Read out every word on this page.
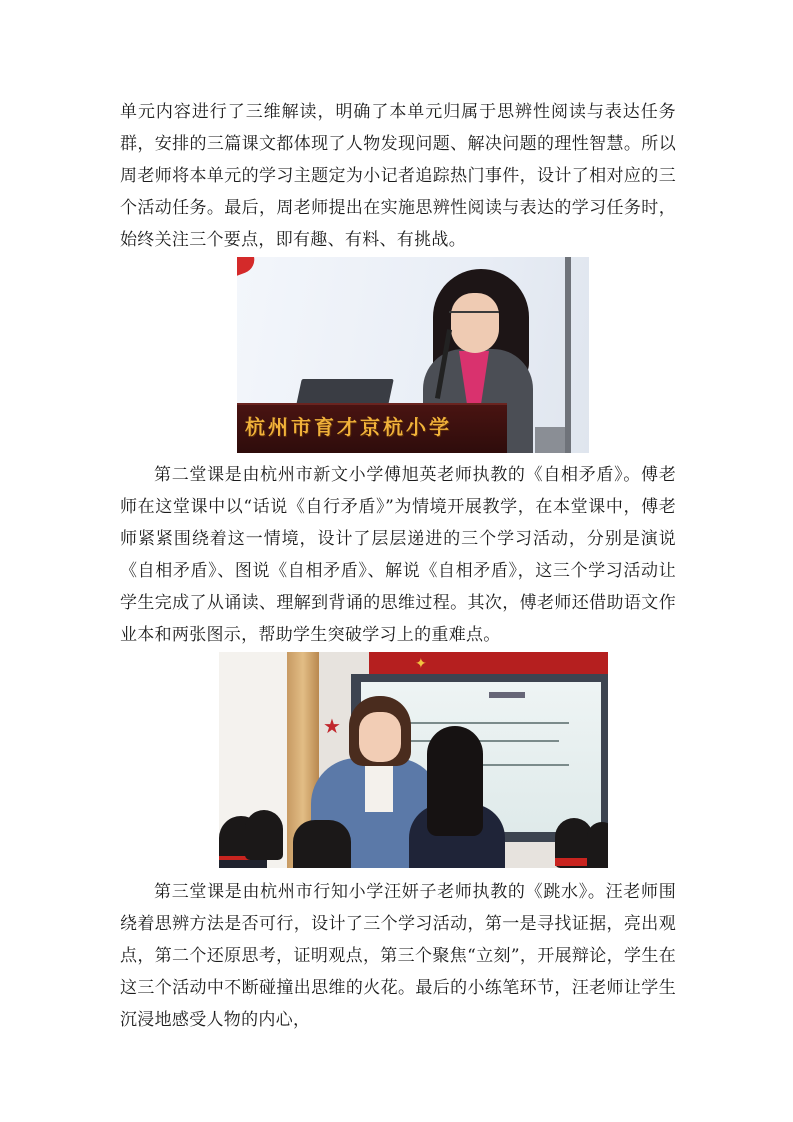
单元内容进行了三维解读，明确了本单元归属于思辨性阅读与表达任务群，安排的三篇课文都体现了人物发现问题、解决问题的理性智慧。所以周老师将本单元的学习主题定为小记者追踪热门事件，设计了相对应的三个活动任务。最后，周老师提出在实施思辨性阅读与表达的学习任务时，始终关注三个要点，即有趣、有料、有挑战。

杭州市育才京杭小学

第二堂课是由杭州市新文小学傅旭英老师执教的《自相矛盾》。傅老师在这堂课中以“话说《自行矛盾》”为情境开展教学，在本堂课中，傅老师紧紧围绕着这一情境，设计了层层递进的三个学习活动，分别是演说《自相矛盾》、图说《自相矛盾》、解说《自相矛盾》，这三个学习活动让学生完成了从诵读、理解到背诵的思维过程。其次，傅老师还借助语文作业本和两张图示，帮助学生突破学习上的重难点。

✦
★

第三堂课是由杭州市行知小学汪妍子老师执教的《跳水》。汪老师围绕着思辨方法是否可行，设计了三个学习活动，第一是寻找证据，亮出观点，第二个还原思考，证明观点，第三个聚焦“立刻”，开展辩论，学生在这三个活动中不断碰撞出思维的火花。最后的小练笔环节，汪老师让学生沉浸地感受人物的内心，
